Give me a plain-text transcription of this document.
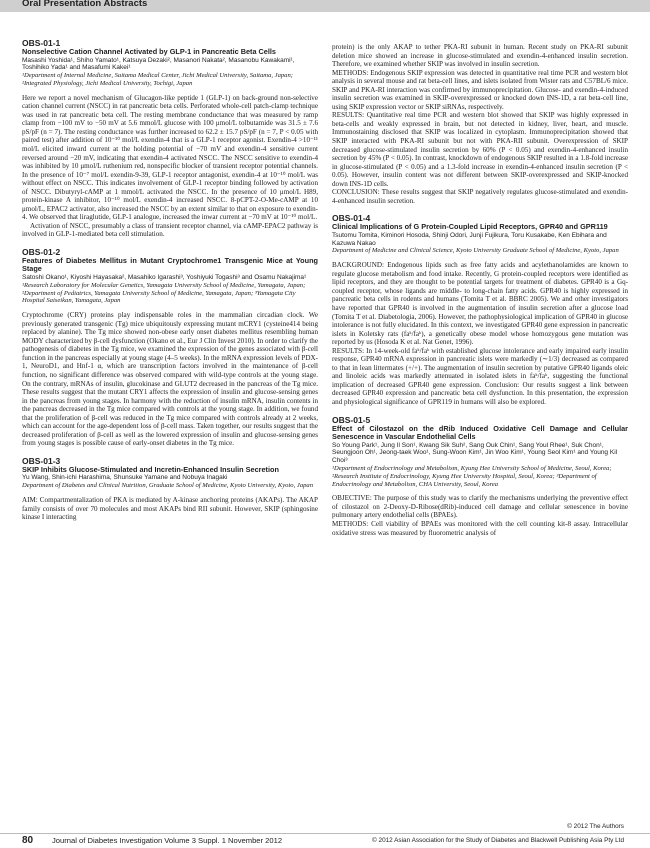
Oral Presentation Abstracts

OBS-01-1

Nonselective Cation Channel Activated by GLP-1 in Pancreatic Beta Cells

Masashi Yoshida¹, Shiho Yamato¹, Katsuya Dezaki², Masanori Nakata², Masanobu Kawakami¹, Toshihiko Yada¹ and Masafumi Kakei¹

¹Department of Internal Medicine, Saitama Medical Center, Jichi Medical University, Saitama, Japan; ²Integrated Physiology, Jichi Medical University, Tochigi, Japan

Here we report a novel mechanism of Glucagon-like peptide 1 (GLP-1) on back-ground non-selective cation channel current (NSCC) in rat pancreatic beta cells. Perforated whole-cell patch-clamp technique was used in rat pancreatic beta cell. The resting membrane conductance that was measured by ramp clamp from −100 mV to −50 mV at 5.6 mmol/L glucose with 100 μmol/L tolbutamide was 31.5 ± 7.6 pS/pF (n = 7). The resting conductance was further increased to 62.2 ± 15.7 pS/pF (n = 7, P < 0.05 with paired test) after addition of 10⁻¹⁰ mol/L exendin-4 that is a GLP-1 receptor agonist. Exendin-4 >10⁻¹¹ mol/L elicited inward current at the holding potential of −70 mV and exendin-4 sensitive current reversed around −20 mV, indicating that exendin-4 activated NSCC. The NSCC sensitive to exendin-4 was inhibited by 10 μmol/L ruthenium red, nonspecific blocker of transient receptor potential channels. In the presence of 10⁻⁷ mol/L exendin-9-39, GLP-1 receptor antagonist, exendin-4 at 10⁻¹⁰ mol/L was without effect on NSCC. This indicates involvement of GLP-1 receptor binding followed by activation of NSCC. Dibutyryl-cAMP at 1 mmol/L activated the NSCC. In the presence of 10 μmol/L H89, protein-kinase A inhibitor, 10⁻¹⁰ mol/L exendin-4 increased NSCC. 8-pCPT-2-O-Me-cAMP at 10 μmol/L, EPAC2 activator, also increased the NSCC by an extent similar to that on exposure to exendin-4. We observed that liraglutide, GLP-1 analogue, increased the inwar current at −70 mV at 10⁻¹⁰ mol/L.

Activation of NSCC, presumably a class of transient receptor channel, via cAMP-EPAC2 pathway is involved in GLP-1-mediated beta cell stimulation.

OBS-01-2

Features of Diabetes Mellitus in Mutant Cryptochrome1 Transgenic Mice at Young Stage

Satoshi Okano¹, Kiyoshi Hayasaka², Masahiko Igarashi³, Yoshiyuki Togashi³ and Osamu Nakajima¹

¹Research Laboratory for Molecular Genetics, Yamagata University School of Medicine, Yamagata, Japan; ²Department of Pediatrics, Yamagata University School of Medicine, Yamagata, Japan; ³Yamagata City Hospital Saiseikan, Yamagata, Japan

Cryptochrome (CRY) proteins play indispensable roles in the mammalian circadian clock. We previously generated transgenic (Tg) mice ubiquitously expressing mutant mCRY1 (cysteine414 being replaced by alanine). The Tg mice showed non-obese early onset diabetes mellitus resembling human MODY characterized by β-cell dysfunction (Okano et al., Eur J Clin Invest 2010). In order to clarify the pathogenesis of diabetes in the Tg mice, we examined the expression of the genes associated with β-cell function in the pancreas especially at young stage (4–5 weeks). In the mRNA expression levels of PDX-1, NeuroD1, and Hnf-1 α, which are transcription factors involved in the maintenance of β-cell function, no significant difference was observed compared with wild-type controls at the young stage. On the contrary, mRNAs of insulin, glucokinase and GLUT2 decreased in the pancreas of the Tg mice. These results suggest that the mutant CRY1 affects the expression of insulin and glucose-sensing genes in the pancreas from young stages. In harmony with the reduction of insulin mRNA, insulin contents in the pancreas decreased in the Tg mice compared with controls at the young stage. In addition, we found that the proliferation of β-cell was reduced in the Tg mice compared with controls already at 2 weeks, which can account for the age-dependent loss of β-cell mass. Taken together, our results suggest that the decreased proliferation of β-cell as well as the lowered expression of insulin and glucose-sensing genes from young stages is possible cause of early-onset diabetes in the Tg mice.

OBS-01-3

SKIP Inhibits Glucose-Stimulated and Incretin-Enhanced Insulin Secretion

Yu Wang, Shin-ichi Harashima, Shunsuke Yamane and Nobuya Inagaki

Department of Diabetes and Clinical Nutrition, Graduate School of Medicine, Kyoto University, Kyoto, Japan

AIM: Compartmentalization of PKA is mediated by A-kinase anchoring proteins (AKAPs). The AKAP family consists of over 70 molecules and most AKAPs bind RII subunit. However, SKIP (sphingosine kinase I interacting

protein) is the only AKAP to tether PKA-RI subunit in human. Recent study on PKA-RI subunit deletion mice showed an increase in glucose-stimulated and exendin-4-enhanced insulin secretion. Therefore, we examined whether SKIP was involved in insulin secretion.

METHODS: Endogenous SKIP expression was detected in quantitative real time PCR and western blot analysis in several mouse and rat beta-cell lines, and islets isolated from Wister rats and C57BL/6 mice. SKIP and PKA-RI interaction was confirmed by immunoprecipitation. Glucose- and exendin-4-induced insulin secretion was examined in SKIP-overexpressed or knocked down INS-1D, a rat beta-cell line, using SKIP expression vector or SKIP siRNAs, respectively.

RESULTS: Quantitative real time PCR and western blot showed that SKIP was highly expressed in beta-cells and weakly expressed in brain, but not detected in kidney, liver, heart, and muscle. Immunostaining disclosed that SKIP was localized in cytoplasm. Immunoprecipitation showed that SKIP interacted with PKA-RI subunit but not with PKA-RII subunit. Overexpression of SKIP decreased glucose-stimulated insulin secretion by 60% (P < 0.05) and exendin-4-enhanced insulin secretion by 45% (P < 0.05). In contrast, knockdown of endogenous SKIP resulted in a 1.8-fold increase in glucose-stimulated (P < 0.05) and a 1.3-fold increase in exendin-4-enhanced insulin secretion (P < 0.05). However, insulin content was not different between SKIP-overexpressed and SKIP-knocked down INS-1D cells.

CONCLUSION: These results suggest that SKIP negatively regulates glucose-stimulated and exendin-4-enhanced insulin secretion.

OBS-01-4

Clinical Implications of G Protein-Coupled Lipid Receptors, GPR40 and GPR119

Tsutomu Tomita, Kiminori Hosoda, Shinji Odori, Junji Fujikura, Toru Kusakabe, Ken Ebihara and Kazuwa Nakao

Department of Medicine and Clinical Science, Kyoto University Graduate School of Medicine, Kyoto, Japan

BACKGROUND: Endogenous lipids such as free fatty acids and acylethanolamides are known to regulate glucose metabolism and food intake. Recently, G protein-coupled receptors were identified as lipid receptors, and they are thought to be potential targets for treatment of diabetes. GPR40 is a Gq-coupled receptor, whose ligands are middle- to long-chain fatty acids. GPR40 is highly expressed in pancreatic beta cells in rodents and humans (Tomita T et al. BBRC 2005). We and other investigators have reported that GPR40 is involved in the augmentation of insulin secretion after a glucose load (Tomita T et al. Diabetologia, 2006). However, the pathophysiological implication of GPR40 in glucose intolerance is not fully elucidated. In this context, we investigated GPR40 gene expression in pancreatic islets in Koletsky rats (faᵏ/faᵏ), a genetically obese model whose homozygous gene mutation was reported by us (Hosoda K et al. Nat Genet, 1996).

RESULTS: In 14-week-old faᵏ/faᵏ with established glucose intolerance and early impaired early insulin response, GPR40 mRNA expression in pancreatic islets were markedly (∼1/3) decreased as compared to that in lean littermates (+/+). The augmentation of insulin secretion by putative GPR40 ligands oleic and linoleic acids was markedly attenuated in isolated islets in faᵏ/faᵏ, suggesting the functional implication of decreased GPR40 gene expression. Conclusion: Our results suggest a link between decreased GPR40 expression and pancreatic beta cell dysfunction. In this presentation, the expression and physiological significance of GPR119 in humans will also be explored.

OBS-01-5

Effect of Cilostazol on the dRib Induced Oxidative Cell Damage and Cellular Senescence in Vascular Endothelial Cells

So Young Park¹, Jung Il Son¹, Kwang Sik Suh², Sang Ouk Chin¹, Sang Youl Rhee¹, Suk Chon¹, Seungjoon Oh¹, Jeong-taek Woo¹, Sung-Woon Kim¹, Jin Woo Kim¹, Young Seol Kim¹ and Young Kil Choi³

¹Department of Endocrinology and Metabolism, Kyung Hee University School of Medicine, Seoul, Korea; ²Research Institute of Endocrinology, Kyung Hee University Hospital, Seoul, Korea; ³Department of Endocrinology and Metabolism, CHA University, Seoul, Korea

OBJECTIVE: The purpose of this study was to clarify the mechanisms underlying the preventive effect of cilostazol on 2-Deoxy-D-Ribose(dRib)-induced cell damage and cellular senescence in bovine pulmonary artery endothelial cells (BPAEs).

METHODS: Cell viability of BPAEs was monitored with the cell counting kit-8 assay. Intracellular oxidative stress was measured by fluorometric analysis of

© 2012 The Authors
80 Journal of Diabetes Investigation Volume 3 Suppl. 1 November 2012	© 2012 Asian Association for the Study of Diabetes and Blackwell Publishing Asia Pty Ltd
